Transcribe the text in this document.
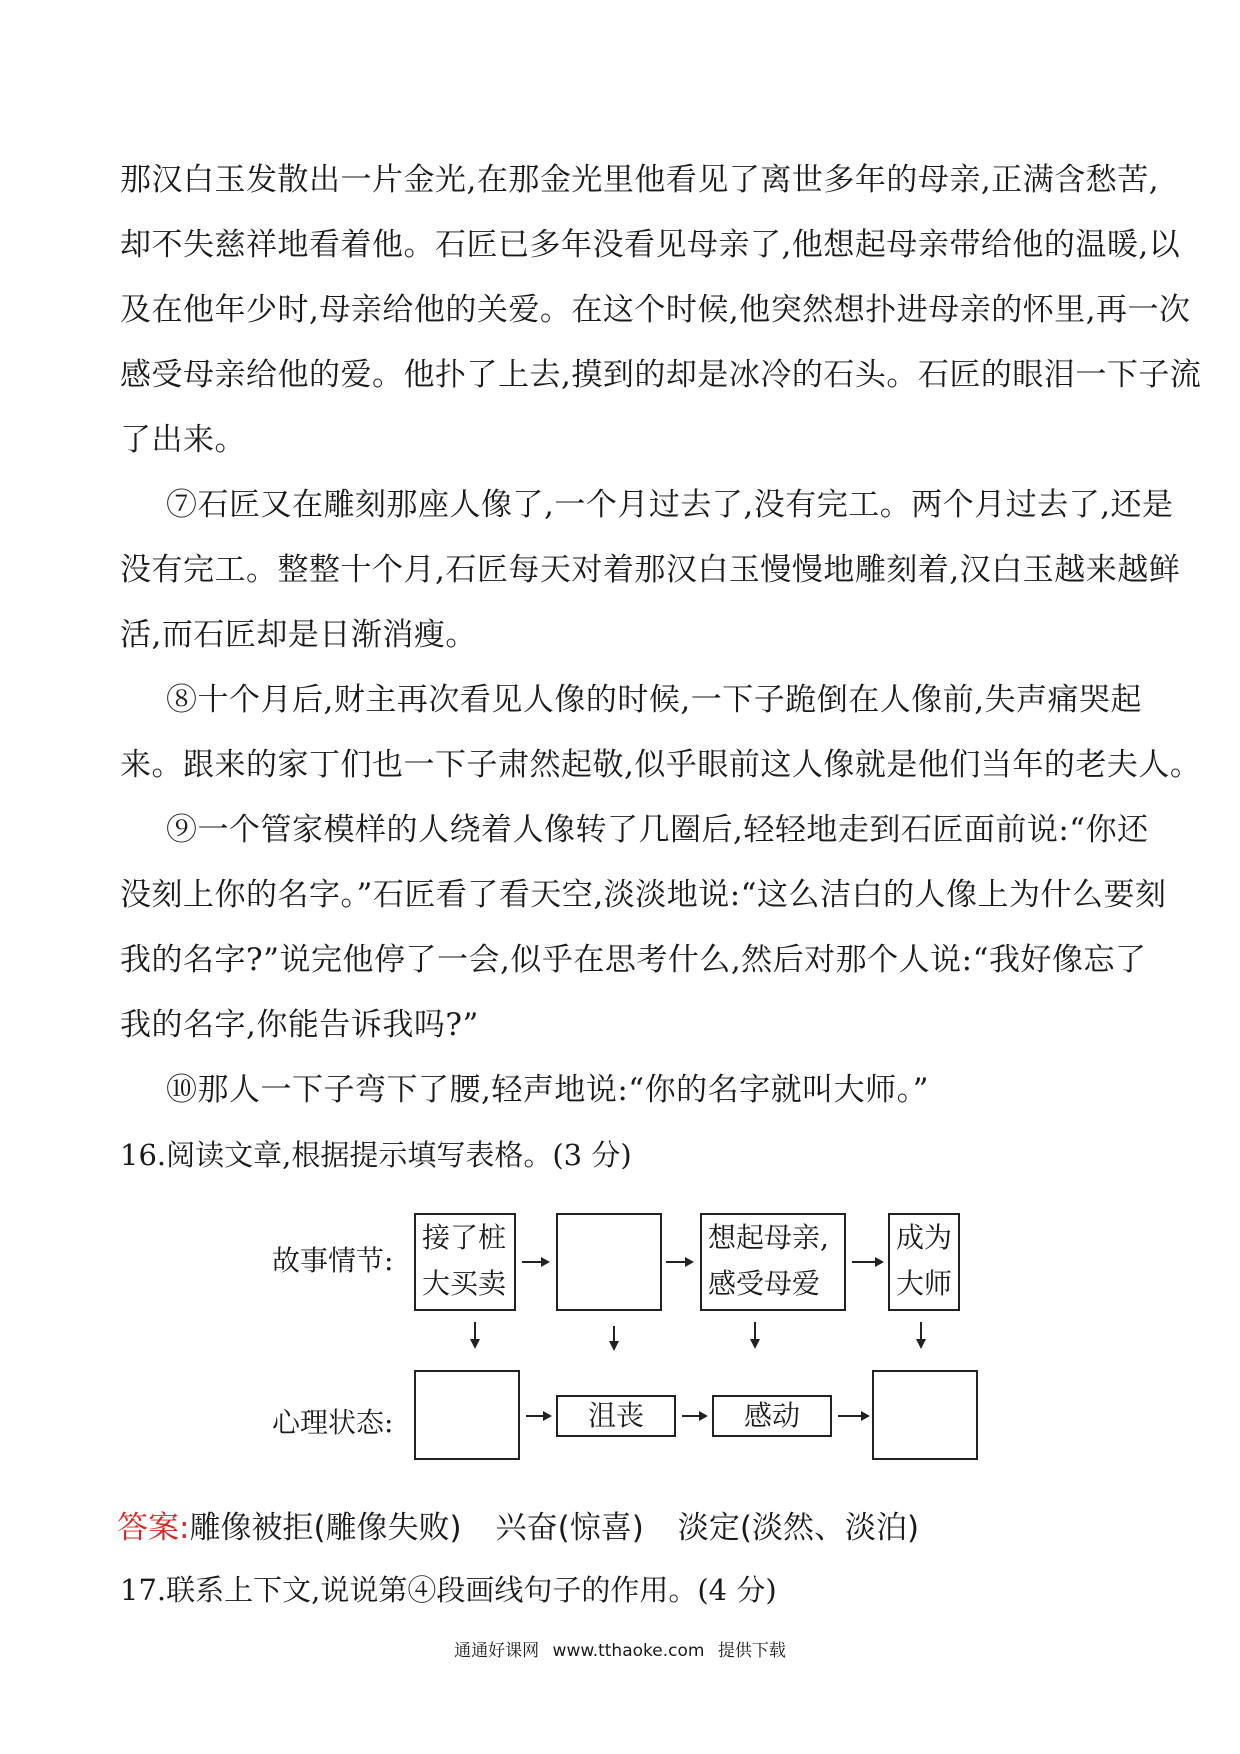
那汉白玉发散出一片金光,在那金光里他看见了离世多年的母亲,正满含愁苦,
却不失慈祥地看着他。石匠已多年没看见母亲了,他想起母亲带给他的温暖,以
及在他年少时,母亲给他的关爱。在这个时候,他突然想扑进母亲的怀里,再一次
感受母亲给他的爱。他扑了上去,摸到的却是冰冷的石头。石匠的眼泪一下子流
了出来。
⑦石匠又在雕刻那座人像了,一个月过去了,没有完工。两个月过去了,还是
没有完工。整整十个月,石匠每天对着那汉白玉慢慢地雕刻着,汉白玉越来越鲜
活,而石匠却是日渐消瘦。
⑧十个月后,财主再次看见人像的时候,一下子跪倒在人像前,失声痛哭起
来。跟来的家丁们也一下子肃然起敬,似乎眼前这人像就是他们当年的老夫人。
⑨一个管家模样的人绕着人像转了几圈后,轻轻地走到石匠面前说:“你还
没刻上你的名字。”石匠看了看天空,淡淡地说:“这么洁白的人像上为什么要刻
我的名字?”说完他停了一会,似乎在思考什么,然后对那个人说:“我好像忘了
我的名字,你能告诉我吗?”
⑩那人一下子弯下了腰,轻声地说:“你的名字就叫大师。”
16.阅读文章,根据提示填写表格。(3 分)
故事情节:
心理状态:
接了桩
大买卖
想起母亲,
感受母爱
成为
大师
沮丧	感动
答案:雕像被拒(雕像失败) 兴奋(惊喜) 淡定(淡然、淡泊)
17.联系上下文,说说第④段画线句子的作用。(4 分)
通通好课网 www.tthaoke.com 提供下载
